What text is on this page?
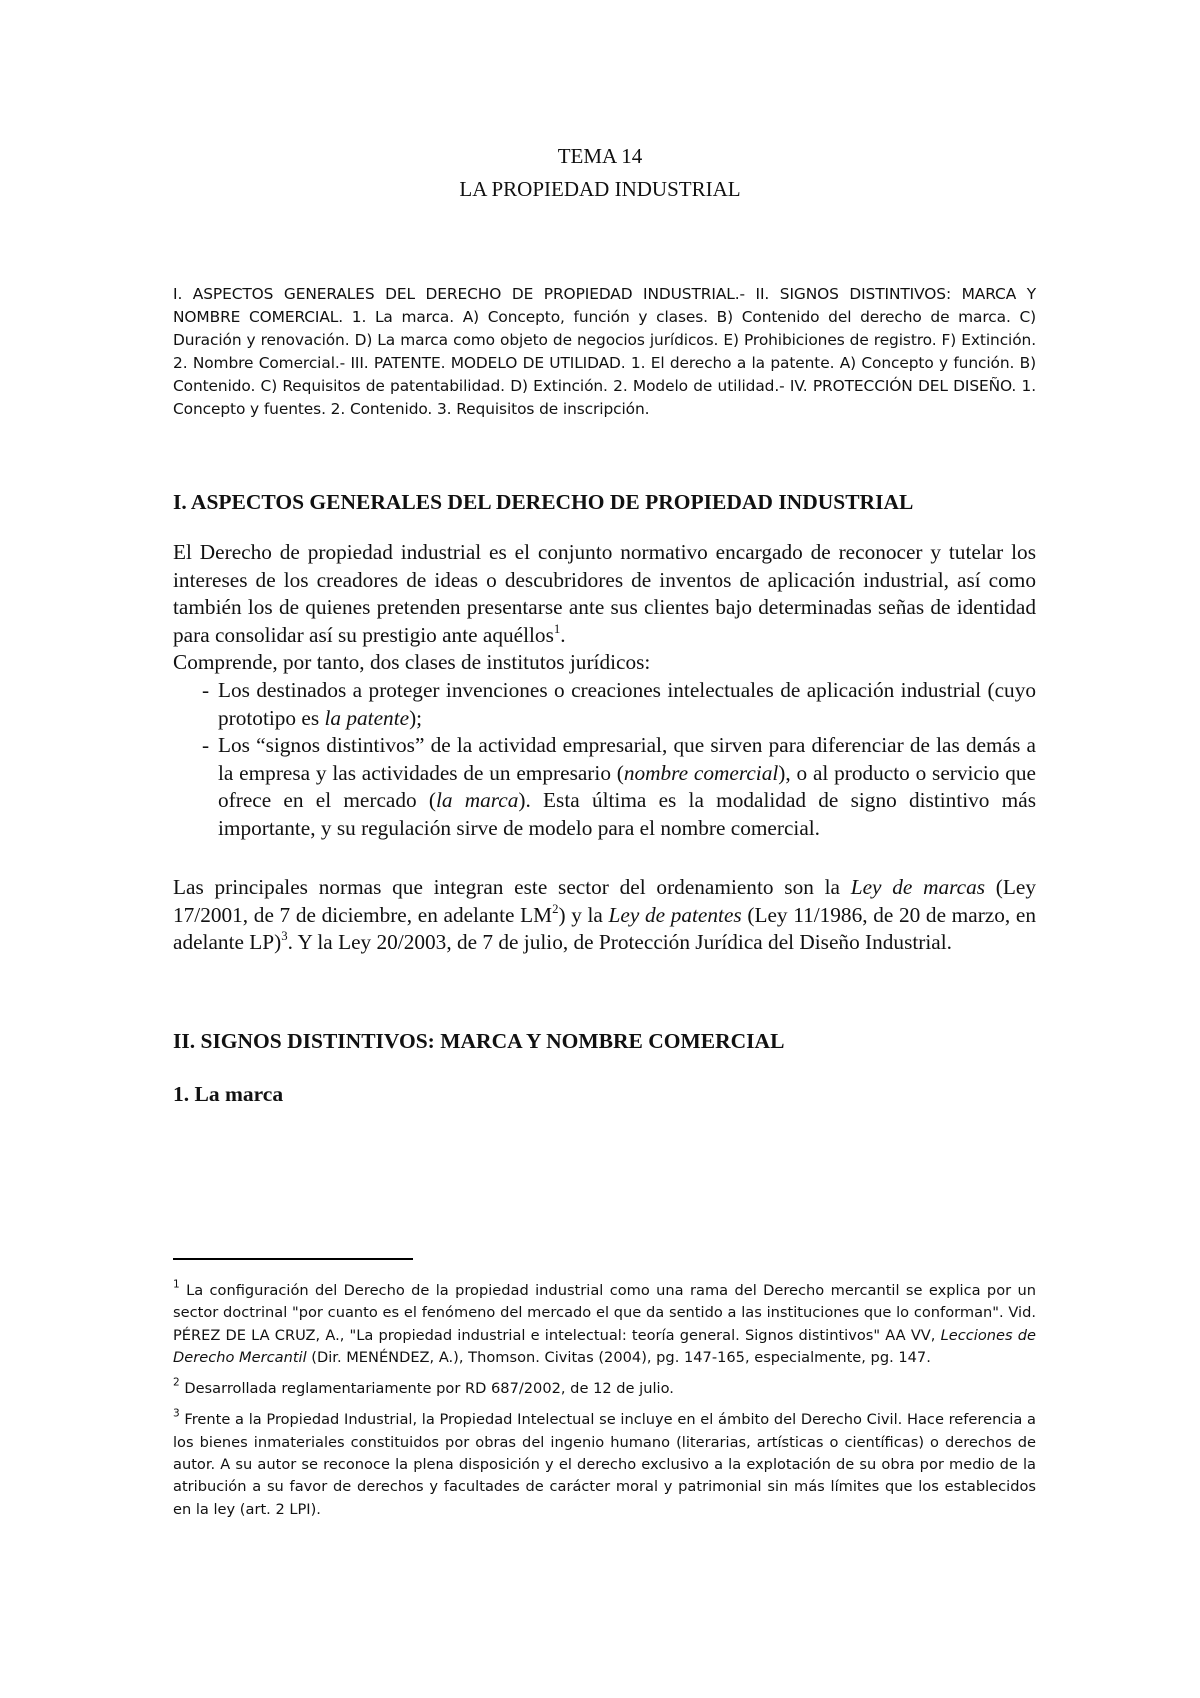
TEMA 14
LA PROPIEDAD INDUSTRIAL

I. ASPECTOS GENERALES DEL DERECHO DE PROPIEDAD INDUSTRIAL.- II. SIGNOS DISTINTIVOS: MARCA Y NOMBRE COMERCIAL. 1. La marca. A) Concepto, función y clases. B) Contenido del derecho de marca. C) Duración y renovación. D) La marca como objeto de negocios jurídicos. E) Prohibiciones de registro. F) Extinción. 2. Nombre Comercial.- III. PATENTE. MODELO DE UTILIDAD. 1. El derecho a la patente. A) Concepto y función. B) Contenido. C) Requisitos de patentabilidad. D) Extinción. 2. Modelo de utilidad.- IV. PROTECCIÓN DEL DISEÑO. 1. Concepto y fuentes. 2. Contenido. 3. Requisitos de inscripción.

I. ASPECTOS GENERALES DEL DERECHO DE PROPIEDAD INDUSTRIAL

El Derecho de propiedad industrial es el conjunto normativo encargado de reconocer y tutelar los intereses de los creadores de ideas o descubridores de inventos de aplicación industrial, así como también los de quienes pretenden presentarse ante sus clientes bajo determinadas señas de identidad para consolidar así su prestigio ante aquéllos$^1$.
Comprende, por tanto, dos clases de institutos jurídicos:

- Los destinados a proteger invenciones o creaciones intelectuales de aplicación industrial (cuyo prototipo es la patente);
- Los “signos distintivos” de la actividad empresarial, que sirven para diferenciar de las demás a la empresa y las actividades de un empresario (nombre comercial), o al producto o servicio que ofrece en el mercado (la marca). Esta última es la modalidad de signo distintivo más importante, y su regulación sirve de modelo para el nombre comercial.

Las principales normas que integran este sector del ordenamiento son la Ley de marcas (Ley 17/2001, de 7 de diciembre, en adelante $LM^2$) y la Ley de patentes (Ley 11/1986, de 20 de marzo, en adelante LP)$^3$. Y la Ley 20/2003, de 7 de julio, de Protección Jurídica del Diseño Industrial.

II. SIGNOS DISTINTIVOS: MARCA Y NOMBRE COMERCIAL
1. La marca

$^1$ La configuración del Derecho de la propiedad industrial como una rama del Derecho mercantil se explica por un sector doctrinal "por cuanto es el fenómeno del mercado el que da sentido a las instituciones que lo conforman". Vid. PÉREZ DE LA CRUZ, A., "La propiedad industrial e intelectual: teoría general. Signos distintivos" AA VV, Lecciones de Derecho Mercantil (Dir. MENÉNDEZ, A.), Thomson. Civitas (2004), pg. 147-165, especialmente, pg. 147.

$^2$ Desarrollada reglamentariamente por RD 687/2002, de 12 de julio.

$^3$ Frente a la Propiedad Industrial, la Propiedad Intelectual se incluye en el ámbito del Derecho Civil. Hace referencia a los bienes inmateriales constituidos por obras del ingenio humano (literarias, artísticas o científicas) o derechos de autor. A su autor se reconoce la plena disposición y el derecho exclusivo a la explotación de su obra por medio de la atribución a su favor de derechos y facultades de carácter moral y patrimonial sin más límites que los establecidos en la ley (art. 2 LPI).
